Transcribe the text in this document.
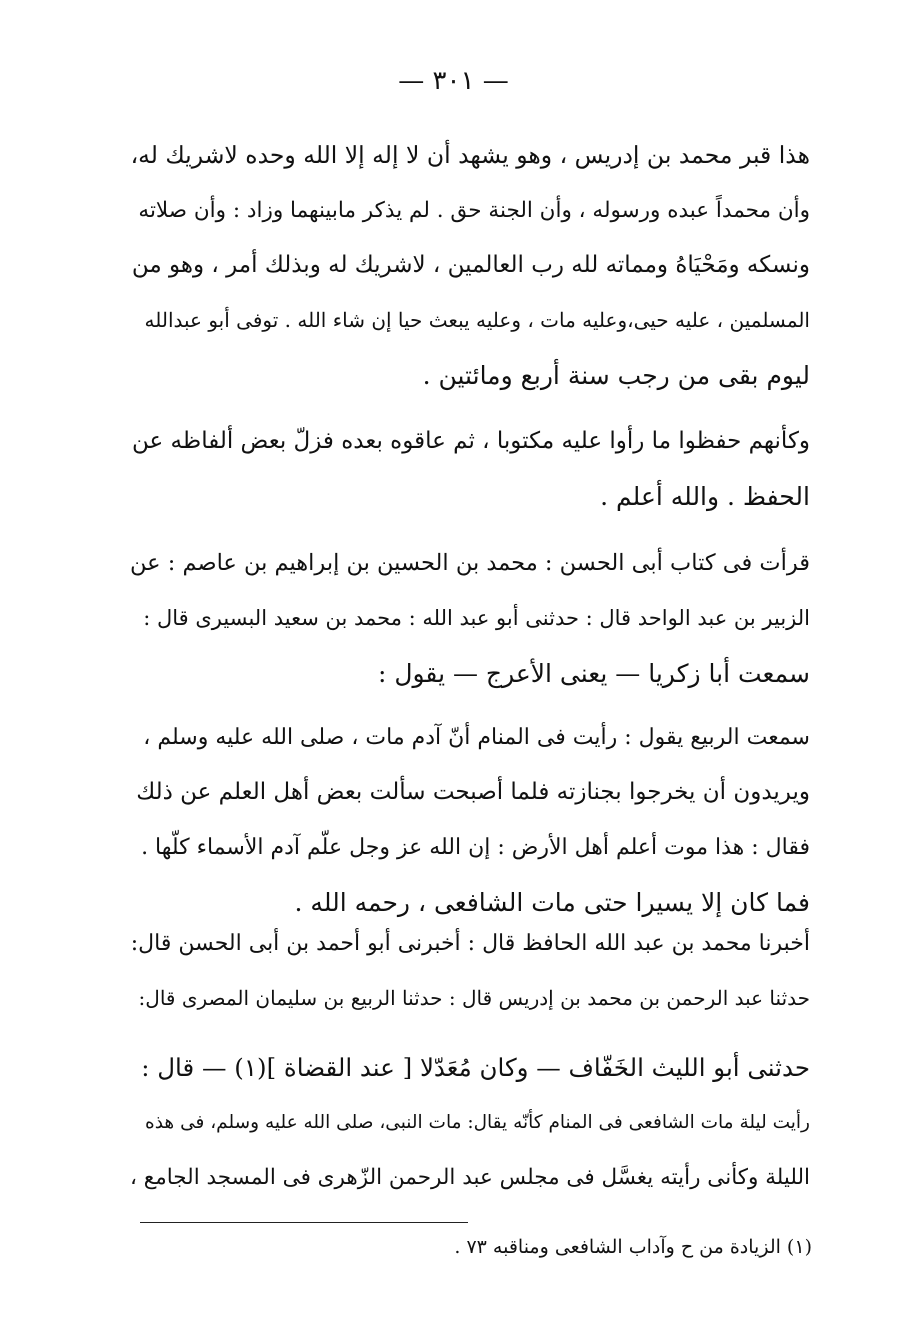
— ٣٠١ —
هذا قبر محمد بن إدريس ، وهو يشهد أن لا إله إلا الله وحده لاشريك له،
وأن محمداً عبده ورسوله ، وأن الجنة حق . لم يذكر مابينهما وزاد : وأن صلاته
ونسكه ومَحْيَاهُ ومماته لله رب العالمين ، لاشريك له وبذلك أمر ، وهو من
المسلمين ، عليه حيى،وعليه مات ، وعليه يبعث حيا إن شاء الله . توفى أبو عبدالله
ليوم بقى من رجب سنة أربع ومائتين .
وكأنهم حفظوا ما رأوا عليه مكتوبا ، ثم عاقوه بعده فزلّ بعض ألفاظه عن
الحفظ . والله أعلم .
قرأت فى كتاب أبى الحسن : محمد بن الحسين بن إبراهيم بن عاصم : عن
الزبير بن عبد الواحد قال : حدثنى أبو عبد الله : محمد بن سعيد البسيرى قال :
سمعت أبا زكريا — يعنى الأعرج — يقول :
سمعت الربيع يقول : رأيت فى المنام أنّ آدم مات ، صلى الله عليه وسلم ،
ويريدون أن يخرجوا بجنازته فلما أصبحت سألت بعض أهل العلم عن ذلك
فقال : هذا موت أعلم أهل الأرض : إن الله عز وجل علّم آدم الأسماء كلّها .
فما كان إلا يسيرا حتى مات الشافعى ، رحمه الله .
أخبرنا محمد بن عبد الله الحافظ قال : أخبرنى أبو أحمد بن أبى الحسن قال:
حدثنا عبد الرحمن بن محمد بن إدريس قال : حدثنا الربيع بن سليمان المصرى قال:
حدثنى أبو الليث الخَفّاف — وكان مُعَدّلا [ عند القضاة ](١) — قال :
رأيت ليلة مات الشافعى فى المنام كأنّه يقال: مات النبى، صلى الله عليه وسلم، فى هذه
الليلة وكأنى رأيته يغسَّل فى مجلس عبد الرحمن الزّهرى فى المسجد الجامع ،
(١) الزيادة من ح وآداب الشافعى ومناقبه ٧٣ .
